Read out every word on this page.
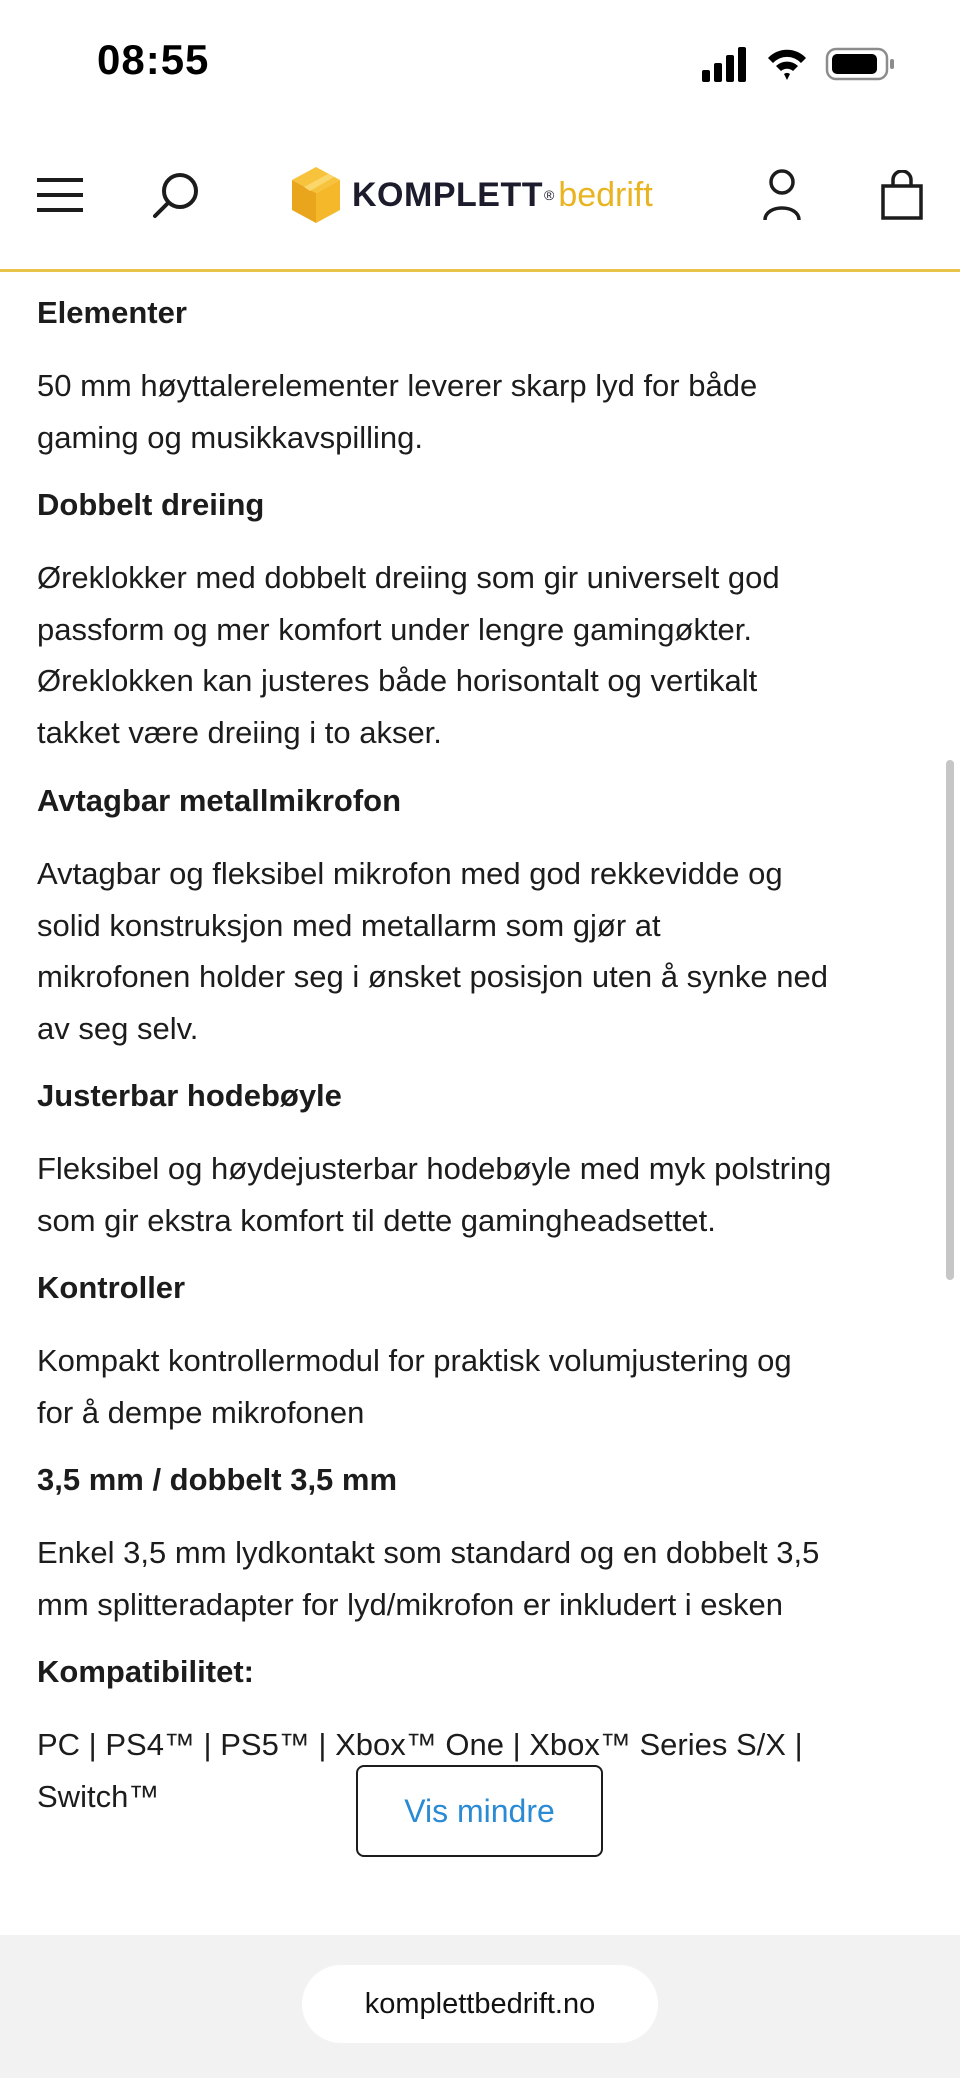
08:55
KOMPLETT ® bedrift
Elementer
50 mm høyttalerelementer leverer skarp lyd for både
gaming og musikkavspilling.
Dobbelt dreiing
Øreklokker med dobbelt dreiing som gir universelt god
passform og mer komfort under lengre gamingøkter.
Øreklokken kan justeres både horisontalt og vertikalt
takket være dreiing i to akser.
Avtagbar metallmikrofon
Avtagbar og fleksibel mikrofon med god rekkevidde og
solid konstruksjon med metallarm som gjør at
mikrofonen holder seg i ønsket posisjon uten å synke ned
av seg selv.
Justerbar hodebøyle
Fleksibel og høydejusterbar hodebøyle med myk polstring
som gir ekstra komfort til dette gamingheadsettet.
Kontroller
Kompakt kontrollermodul for praktisk volumjustering og
for å dempe mikrofonen
3,5 mm / dobbelt 3,5 mm
Enkel 3,5 mm lydkontakt som standard og en dobbelt 3,5
mm splitteradapter for lyd/mikrofon er inkludert i esken
Kompatibilitet:
PC | PS4™ | PS5™ | Xbox™ One | Xbox™ Series S/X |
Switch™	Vis mindre
komplettbedrift.no
